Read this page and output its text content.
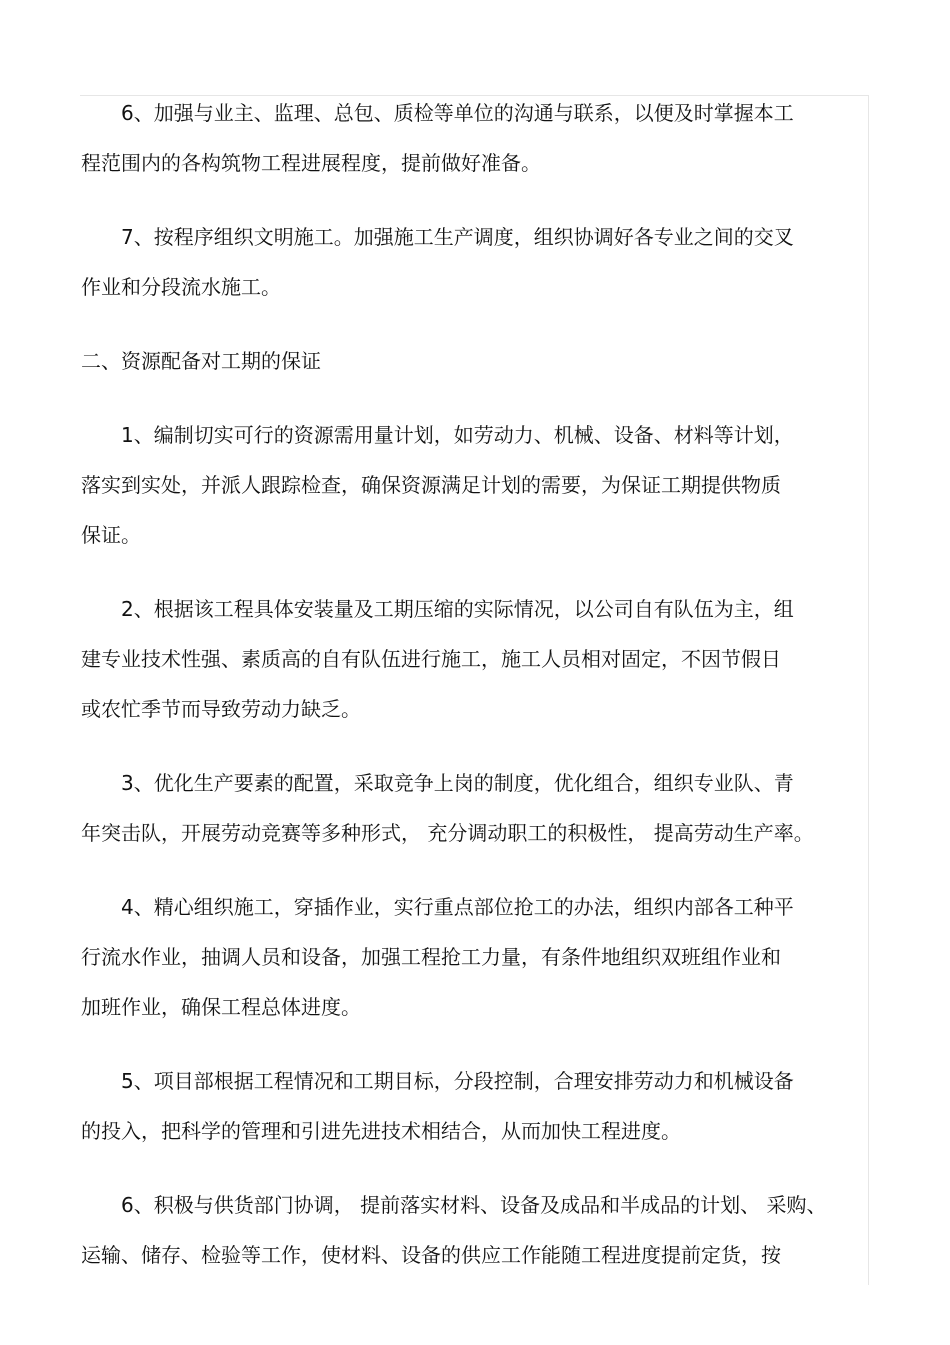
6、加强与业主、监理、总包、质检等单位的沟通与联系，以便及时掌握本工
程范围内的各构筑物工程进展程度，提前做好准备。
7、按程序组织文明施工。加强施工生产调度，组织协调好各专业之间的交叉
作业和分段流水施工。
二、资源配备对工期的保证
1、编制切实可行的资源需用量计划，如劳动力、机械、设备、材料等计划，
落实到实处，并派人跟踪检查，确保资源满足计划的需要，为保证工期提供物质
保证。
2、根据该工程具体安装量及工期压缩的实际情况，以公司自有队伍为主，组
建专业技术性强、素质高的自有队伍进行施工，施工人员相对固定，不因节假日
或农忙季节而导致劳动力缺乏。
3、优化生产要素的配置，采取竞争上岗的制度，优化组合，组织专业队、青
年突击队，开展劳动竞赛等多种形式， 充分调动职工的积极性， 提高劳动生产率。
4、精心组织施工，穿插作业，实行重点部位抢工的办法，组织内部各工种平
行流水作业，抽调人员和设备，加强工程抢工力量，有条件地组织双班组作业和
加班作业，确保工程总体进度。
5、项目部根据工程情况和工期目标，分段控制，合理安排劳动力和机械设备
的投入，把科学的管理和引进先进技术相结合，从而加快工程进度。
6、积极与供货部门协调， 提前落实材料、设备及成品和半成品的计划、 采购、
运输、储存、检验等工作，使材料、设备的供应工作能随工程进度提前定货，按
